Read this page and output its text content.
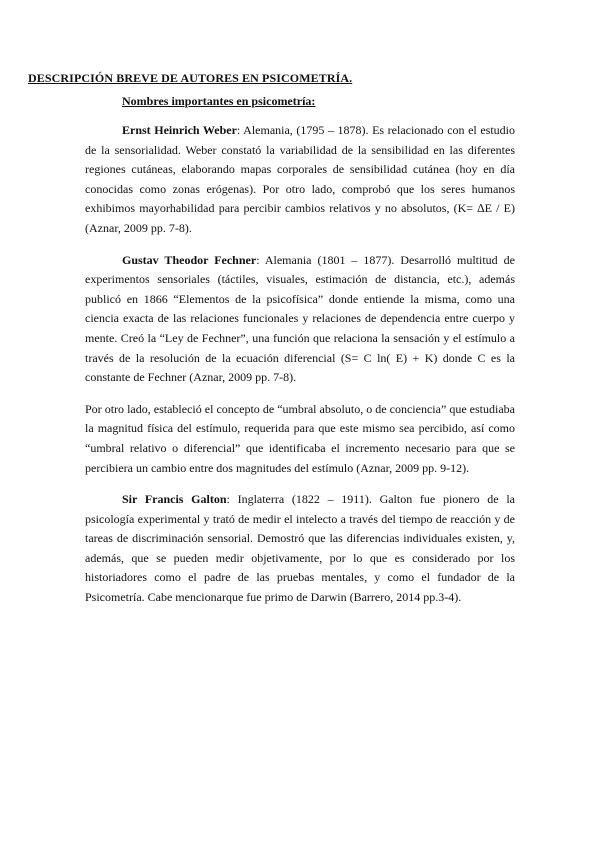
DESCRIPCIÓN BREVE DE AUTORES EN PSICOMETRÍA.
Nombres importantes en psicometría:

Ernst Heinrich Weber: Alemania, (1795 – 1878). Es relacionado con el estudio de la sensorialidad. Weber constató la variabilidad de la sensibilidad en las diferentes regiones cutáneas, elaborando mapas corporales de sensibilidad cutánea (hoy en día conocidas como zonas erógenas). Por otro lado, comprobó que los seres humanos exhibimos mayorhabilidad para percibir cambios relativos y no absolutos, (K= ∆E / E) (Aznar, 2009 pp. 7-8).

Gustav Theodor Fechner: Alemania (1801 – 1877). Desarrolló multitud de experimentos sensoriales (táctiles, visuales, estimación de distancia, etc.), además publicó en 1866 “Elementos de la psicofísica” donde entiende la misma, como una ciencia exacta de las relaciones funcionales y relaciones de dependencia entre cuerpo y mente. Creó la “Ley de Fechner”, una función que relaciona la sensación y el estímulo a través de la resolución de la ecuación diferencial (S= C ln( E) + K) donde C es la constante de Fechner (Aznar, 2009 pp. 7-8).

Por otro lado, estableció el concepto de “umbral absoluto, o de conciencia” que estudiaba la magnitud física del estímulo, requerida para que este mismo sea percibido, así como “umbral relativo o diferencial” que identificaba el incremento necesario para que se percibiera un cambio entre dos magnitudes del estímulo (Aznar, 2009 pp. 9-12).

Sir Francis Galton: Inglaterra (1822 – 1911). Galton fue pionero de la psicología experimental y trató de medir el intelecto a través del tiempo de reacción y de tareas de discriminación sensorial. Demostró que las diferencias individuales existen, y, además, que se pueden medir objetivamente, por lo que es considerado por los historiadores como el padre de las pruebas mentales, y como el fundador de la Psicometría. Cabe mencionarque fue primo de Darwin (Barrero, 2014 pp.3-4).
